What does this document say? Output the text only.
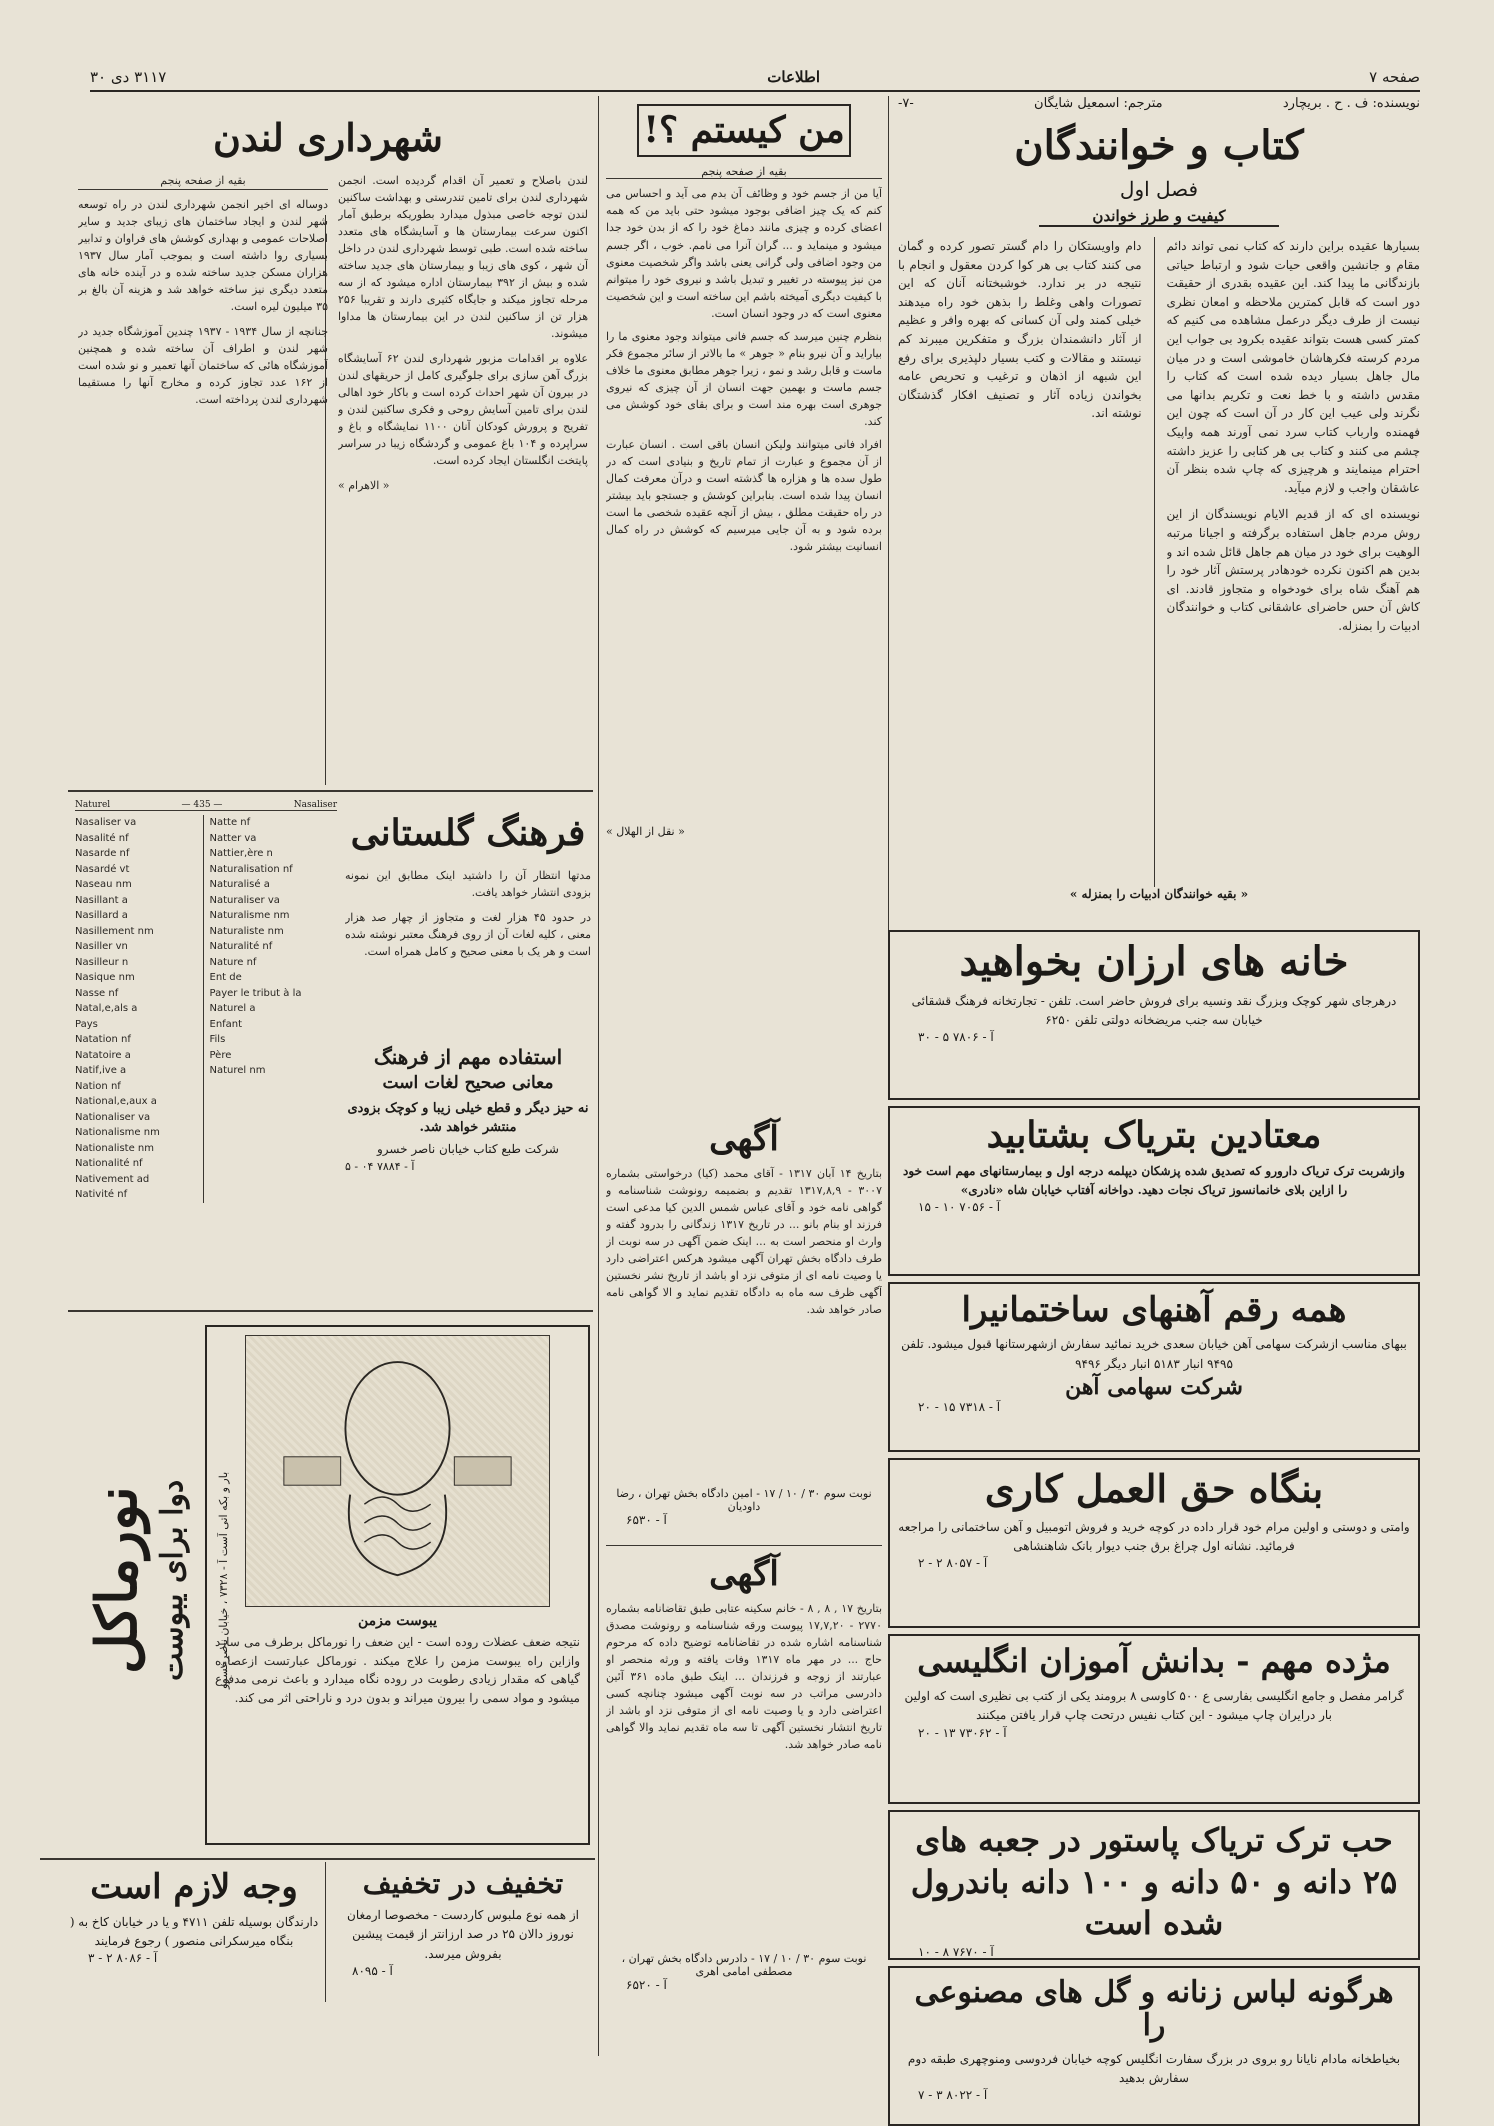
صفحه ۷
اطلاعات
۳۱۱۷ دی ۳۰
نویسنده: ف . ح . بریچارد
مترجم: اسمعیل شایگان
-۷-
کتاب و خوانندگان
فصل اول
کیفیت و طرز خواندن

بسیارها عقیده براین دارند که کتاب نمی تواند دائم مقام و جانشین واقعی حیات شود و ارتباط حیاتی بازندگانی ما پیدا کند. این عقیده بقدری از حقیقت دور است که قابل کمترین ملاحظه و امعان نظری نیست از طرف دیگر درعمل مشاهده می کنیم که کمتر کسی هست بتواند عقیده بکرود بی جواب این مردم کرسته فکرهاشان خاموشی است و در میان مال جاهل بسیار دیده شده است که کتاب را مقدس داشته و با خط نعت و تکریم بدانها می نگرند ولی عیب این کار در آن است که چون این فهمنده وارباب کتاب سرد نمی آورند همه واپیک چشم می کنند و کتاب بی هر کتابی را عزیز داشته احترام مینمایند و هرچیزی که چاپ شده بنظر آن عاشقان واجب و لازم میآید.

نویسنده ای که از قدیم الایام نویسندگان از این روش مردم جاهل استفاده برگرفته و اجیانا مرتبه الوهیت برای خود در میان هم جاهل قائل شده اند و بدین هم اکنون نکرده خودهادر پرستش آثار خود را هم آهنگ شاه برای خودخواه و متجاوز قادند. ای کاش آن حس حاضرای عاشقانی کتاب و خوانندگان ادبیات را بمنزله.

دام واویستکان را دام گستر تصور کرده و گمان می کنند کتاب بی هر کوا کردن معقول و انجام با نتیجه در بر ندارد. خوشبختانه آنان که این تصورات واهی وغلط را بذهن خود راه میدهند خیلی کمند ولی آن کسانی که بهره وافر و عظیم از آثار دانشمندان بزرگ و متفکرین میبرند کم نیستند و مقالات و کتب بسیار دلپذیری برای رفع این شبهه از اذهان و ترغیب و تحریص عامه بخواندن زیاده آثار و تصنیف افکار گذشتگان نوشته اند.

« بقیه خوانندگان ادبیات را بمنزله »
من کیستم ؟!
بقیه از صفحه پنجم

آیا من از جسم خود و وظائف آن بدم می آید و احساس می کنم که یک چیز اضافی بوجود میشود حتی باید من که همه اعضای کرده و چیزی مانند دماغ خود را که از بدن خود جدا میشود و مینماید و ... گران آنرا می نامم. خوب ، اگر جسم من وجود اضافی ولی گرانی یعنی باشد واگر شخصیت معنوی من نیز پیوسته در تغییر و تبدیل باشد و نیروی خود را میتوانم با کیفیت دیگری آمیخته باشم این ساخته است و این شخصیت معنوی است که در وجود انسان است.

بنظرم چنین میرسد که جسم فانی میتواند وجود معنوی ما را بیاراید و آن نیرو بنام « جوهر » ما بالاتر از سائر مجموع فکر ماست و قابل رشد و نمو ، زیرا جوهر مطابق معنوی ما خلاف جسم ماست و بهمین جهت انسان از آن چیزی که نیروی جوهری است بهره مند است و برای بقای خود کوشش می کند.

افراد فانی میتوانند ولیکن انسان باقی است . انسان عبارت از آن مجموع و عبارت از تمام تاریخ و بنیادی است که در طول سده ها و هزاره ها گذشته است و درآن معرفت کمال انسان پیدا شده است. بنابراین کوشش و جستجو باید بیشتر در راه حقیقت مطلق ، بیش از آنچه عقیده شخصی ما است برده شود و به آن جایی میرسیم که کوشش در راه کمال انسانیت بیشتر شود.

« نقل از الهلال »
شهرداری لندن

لندن باصلاح و تعمیر آن اقدام گردیده است. انجمن شهرداری لندن برای تامین تندرستی و بهداشت ساکنین لندن توجه خاصی مبذول میدارد بطوریکه برطبق آمار اکنون سرعت بیمارستان ها و آسایشگاه های متعدد ساخته شده است. طبی توسط شهرداری لندن در داخل آن شهر ، کوی های زیبا و بیمارستان های جدید ساخته شده و بیش از ۳۹۲ بیمارستان اداره میشود که از سه مرحله تجاوز میکند و جایگاه کثیری دارند و تقریبا ۲۵۶ هزار تن از ساکنین لندن در این بیمارستان ها مداوا میشوند.

علاوه بر اقدامات مزبور شهرداری لندن ۶۲ آسایشگاه بزرگ آهن سازی برای جلوگیری کامل از حریقهای لندن در بیرون آن شهر احداث کرده است و باکار خود اهالی لندن برای تامین آسایش روحی و فکری ساکنین لندن و تفریح و پرورش کودکان آنان ۱۱۰۰ نمایشگاه و باغ و سراپرده و ۱۰۴ باغ عمومی و گردشگاه زیبا در سراسر پایتخت انگلستان ایجاد کرده است.

« الاهرام »

بقیه از صفحه پنجم

دوساله ای اخیر انجمن شهرداری لندن در راه توسعه شهر لندن و ایجاد ساختمان های زیبای جدید و سایر اصلاحات عمومی و بهداری کوشش های فراوان و تدابیر بسیاری روا داشته است و بموجب آمار سال ۱۹۳۷ هزاران مسکن جدید ساخته شده و در آینده خانه های متعدد دیگری نیز ساخته خواهد شد و هزینه آن بالغ بر ۳۵ میلیون لیره است.

جنانچه از سال ۱۹۳۴ - ۱۹۳۷ چندین آموزشگاه جدید در شهر لندن و اطراف آن ساخته شده و همچنین آموزشگاه هائی که ساختمان آنها تعمیر و نو شده است از ۱۶۲ عدد تجاوز کرده و مخارج آنها را مستقیما شهرداری لندن پرداخته است.

فرهنگ گلستانی
مدتها انتظار آن را داشتید اینک مطابق این نمونه بزودی انتشار خواهد یافت.
در حدود ۴۵ هزار لغت و متجاوز از چهار صد هزار معنی ، کلیه لغات آن از روی فرهنگ معتبر نوشته شده است و هر یک با معنی صحیح و کامل همراه است.
استفاده مهم از فرهنگ
معانی صحیح لغات است
نه حیز دیگر و قطع خیلی زیبا و کوچک بزودی منتشر خواهد شد.
شرکت طبع کتاب خیابان ناصر خسرو
آ - ۷۸۸۴ ۰۴ - ۵
Nasaliser
— 435 —
Naturel
Nasaliser va
Nasalité nf
Nasarde nf
Nasardé vt
Naseau nm
Nasillant a
Nasillard a
Nasillement nm
Nasiller vn
Nasilleur n
Nasique nm
Nasse nf
Natal,e,als a
Pays
Natation nf
Natatoire a
Natif,ive a
Nation nf
National,e,aux a
Nationaliser va
Nationalisme nm
Nationaliste nm
Nationalité nf
Nativement ad
Nativité nf
Natte nf
Natter va
Nattier,ère n
Naturalisation nf
Naturalisé a
Naturaliser va
Naturalisme nm
Naturaliste nm
Naturalité nf
Nature nf
Ent de
Payer le tribut à la
Naturel a
Enfant
Fils
Père
Naturel nm
نورماکل دوا برای یبوست بار و بکه اتی آست آ - ۷۳۲۸ ، خیابان ناصرخسرو
یبوست مزمن
نتیجه ضعف عضلات روده است - این ضعف را نورماکل برطرف می سازد وازاین راه یبوست مزمن را علاج میکند . نورماکل عبارتست ازعصاره گیاهی که مقدار زیادی رطوبت در روده نگاه میدارد و باعث نرمی مدفوع میشود و مواد سمی را بیرون میراند و بدون درد و ناراحتی اثر می کند.
تخفیف در تخفیف
از همه نوع ملبوس کاردست - مخصوصا ارمغان نوروز دالان ۲۵ در صد ارزانتر از قیمت پیشین بفروش میرسد.
آ - ۸۰۹۵
وجه لازم است
دارندگان بوسیله تلفن ۴۷۱۱ و یا در خیابان کاخ به ( بنگاه میرسکرانی منصور ) رجوع فرمایند
آ - ۸۰۸۶ ۲ - ۳
آگهی
بتاریخ ۱۴ آبان ۱۳۱۷ - آقای محمد (کیا) درخواستی بشماره ۳۰۰۷ - ۱۳۱۷,۸,۹ تقدیم و بضمیمه رونوشت شناسنامه و گواهی نامه خود و آقای عباس شمس الدین کیا مدعی است فرزند او بنام بانو ... در تاریخ ۱۳۱۷ زندگانی را بدرود گفته و وارث او منحصر است به ... اینک ضمن آگهی در سه نوبت از طرف دادگاه بخش تهران آگهی میشود هرکس اعتراضی دارد یا وصیت نامه ای از متوفی نزد او باشد از تاریخ نشر نخستین آگهی ظرف سه ماه به دادگاه تقدیم نماید و الا گواهی نامه صادر خواهد شد.
نوبت سوم ۳۰ / ۱۰ / ۱۷ - امین دادگاه بخش تهران ، رضا داودیان
آ - ۶۵۳۰
آگهی
بتاریخ ۱۷ , ۸ , ۸ - خانم سکینه عتابی طبق تقاضانامه بشماره ۲۷۷۰ - ۱۷,۷,۲۰ پیوست ورقه شناسنامه و رونوشت مصدق شناسنامه اشاره شده در تقاضانامه توضیح داده که مرحوم حاج ... در مهر ماه ۱۳۱۷ وفات یافته و ورثه منحصر او عبارتند از زوجه و فرزندان ... اینک طبق ماده ۳۶۱ آئین دادرسی مراتب در سه نوبت آگهی میشود چنانچه کسی اعتراضی دارد و یا وصیت نامه ای از متوفی نزد او باشد از تاریخ انتشار نخستین آگهی تا سه ماه تقدیم نماید والا گواهی نامه صادر خواهد شد.
نوبت سوم ۳۰ / ۱۰ / ۱۷ - دادرس دادگاه بخش تهران ، مصطفی امامی اهری
آ - ۶۵۲۰
خانه های ارزان بخواهید
درهرجای شهر کوچک وبزرگ نقد ونسیه برای فروش حاضر است. تلفن - تجارتخانه فرهنگ قشقائی خیابان سه جنب مریضخانه دولتی تلفن ۶۲۵۰
آ - ۷۸۰۶ ۵ - ۳۰
معتادین بتریاک بشتابید
وازشربت ترک تریاک دارورو که تصدیق شده پزشکان دیپلمه درجه اول و بیمارستانهای مهم است خود را ازاین بلای خانمانسوز تریاک نجات دهید. دواخانه آفتاب خیابان شاه «نادری»
آ - ۷۰۵۶ ۱۰ - ۱۵
همه رقم آهنهای ساختمانیرا
ببهای مناسب ازشرکت سهامی آهن خیابان سعدی خرید نمائید سفارش ازشهرستانها قبول میشود. تلفن ۹۴۹۵ انبار ۵۱۸۳ انبار دیگر ۹۴۹۶
شرکت سهامی آهن
آ - ۷۳۱۸ ۱۵ - ۲۰
بنگاه حق العمل کاری
وامتی و دوستی و اولین مرام خود قرار داده در کوچه خرید و فروش اتومبیل و آهن ساختمانی را مراجعه فرمائید. نشانه اول چراغ برق جنب دیوار بانک شاهنشاهی
آ - ۸۰۵۷ ۲ - ۲
مژده مهم - بدانش آموزان انگلیسی
گرامر مفصل و جامع انگلیسی بفارسی ع ۵۰۰ کاوسی ۸ برومند یکی از کتب بی نظیری است که اولین بار درایران چاپ میشود - این کتاب نفیس درتحت چاپ قرار یافتن میکنند
آ - ۷۳۰۶۲ ۱۳ - ۲۰
حب ترک تریاک پاستور در جعبه های ۲۵ دانه و ۵۰ دانه و ۱۰۰ دانه باندرول شده است
آ - ۷۶۷۰ ۸ - ۱۰
هرگونه لباس زنانه و گل های مصنوعی را
بخیاطخانه مادام نایانا رو بروی در بزرگ سفارت انگلیس کوچه خیابان فردوسی ومنوچهری طبقه دوم سفارش بدهید
آ - ۸۰۲۲ ۳ - ۷
